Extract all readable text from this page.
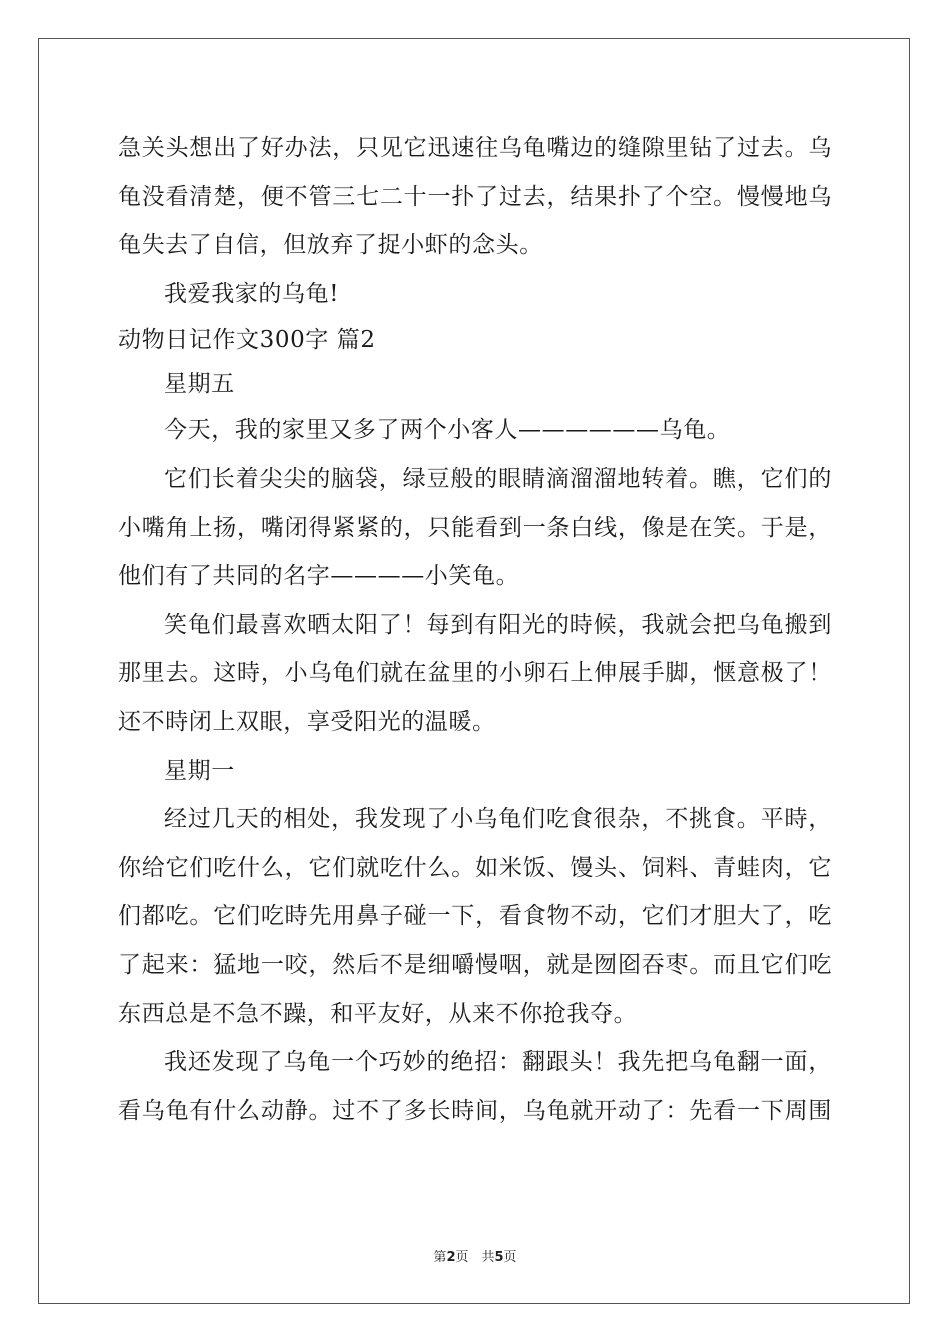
急关头想出了好办法，只见它迅速往乌龟嘴边的缝隙里钻了过去。乌
龟没看清楚，便不管三七二十一扑了过去，结果扑了个空。慢慢地乌
龟失去了自信，但放弃了捉小虾的念头。
我爱我家的乌龟!
动物日记作文300字 篇2
星期五
今天，我的家里又多了两个小客人——————乌龟。
它们长着尖尖的脑袋，绿豆般的眼睛滴溜溜地转着。瞧，它们的
小嘴角上扬，嘴闭得紧紧的，只能看到一条白线，像是在笑。于是，
他们有了共同的名字————小笑龟。
笑龟们最喜欢晒太阳了！每到有阳光的時候，我就会把乌龟搬到
那里去。这時，小乌龟们就在盆里的小卵石上伸展手脚，惬意极了！
还不時闭上双眼，享受阳光的温暖。
星期一
经过几天的相处，我发现了小乌龟们吃食很杂，不挑食。平時，
你给它们吃什么，它们就吃什么。如米饭、馒头、饲料、青蛙肉，它
们都吃。它们吃時先用鼻子碰一下，看食物不动，它们才胆大了，吃
了起来：猛地一咬，然后不是细嚼慢咽，就是囫囵吞枣。而且它们吃
东西总是不急不躁，和平友好，从来不你抢我夺。
我还发现了乌龟一个巧妙的绝招：翻跟头！我先把乌龟翻一面，
看乌龟有什么动静。过不了多长時间，乌龟就开动了：先看一下周围
第2页　共5页
